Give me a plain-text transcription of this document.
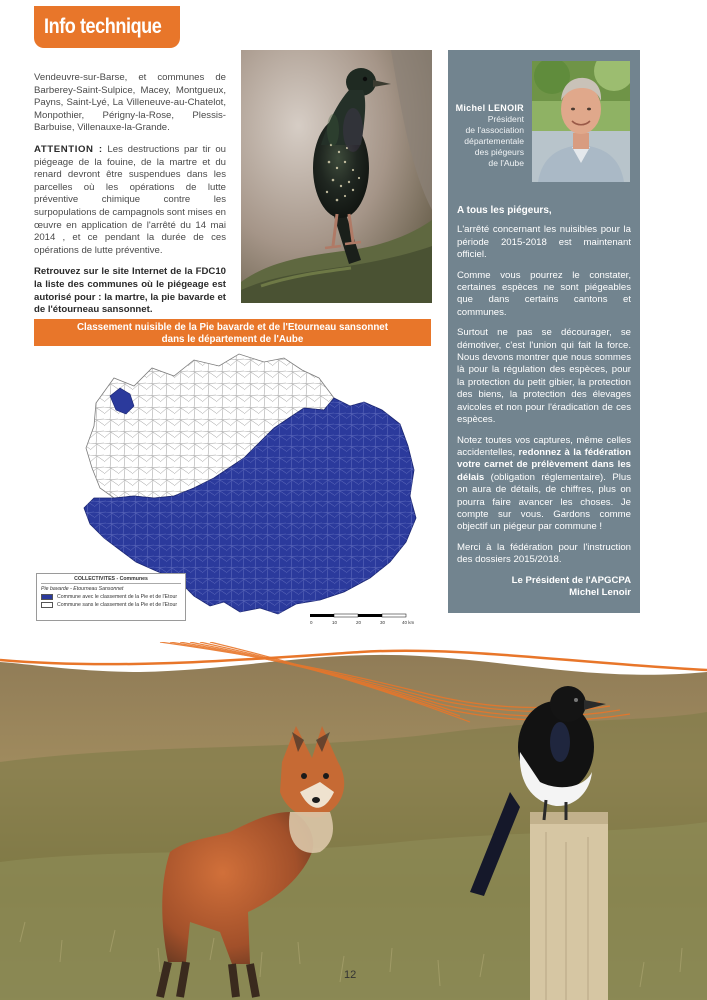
Info technique

Vendeuvre-sur-Barse, et communes de Barberey-Saint-Sulpice, Macey, Montgueux, Payns, Saint-Lyé, La Villeneuve-au-Chatelot, Monpothier, Périgny-la-Rose, Plessis-Barbuise, Villenauxe-la-Grande.

ATTENTION : Les destructions par tir ou piégeage de la fouine, de la martre et du renard devront être suspendues dans les parcelles où les opérations de lutte préventive chimique contre les surpopulations de campagnols sont mises en œuvre en application de l'arrêté du 14 mai 2014 , et ce pendant la durée de ces opérations de lutte préventive.

Retrouvez sur le site Internet de la FDC10 la liste des communes où le piégeage est autorisé pour : la martre, la pie bavarde et de l'étourneau sansonnet.

Michel LENOIR
Président
de l'association
départementale
des piégeurs
de l'Aube

A tous les piégeurs,

L'arrêté concernant les nuisibles pour la période 2015-2018 est maintenant officiel.

Comme vous pourrez le constater, certaines espèces ne sont piégeables que dans certains cantons et communes.

Surtout ne pas se décourager, se démotiver, c'est l'union qui fait la force. Nous devons montrer que nous sommes là pour la régulation des espèces, pour la protection du petit gibier, la protection des biens, la protection des élevages avicoles et non pour l'éradication de ces espèces.

Notez toutes vos captures, même celles accidentelles, redonnez à la fédération votre carnet de prélèvement dans les délais (obligation réglementaire). Plus on aura de détails, de chiffres, plus on pourra faire avancer les choses. Je compte sur vous. Gardons comme objectif un piégeur par commune !

Merci à la fédération pour l'instruction des dossiers 2015/2018.

Le Président de l'APGCPA
Michel Lenoir
Classement nuisible de la Pie bavarde et de l'Etourneau sansonnet
dans le département de l'Aube
COLLECTIVITES - Communes
Pie bavarde - Etourneau Sansonnet
Commune avec le classement de la Pie et de l'Etour
Commune sans le classement de la Pie et de l'Etour
0	10	20	30	40 km
12
